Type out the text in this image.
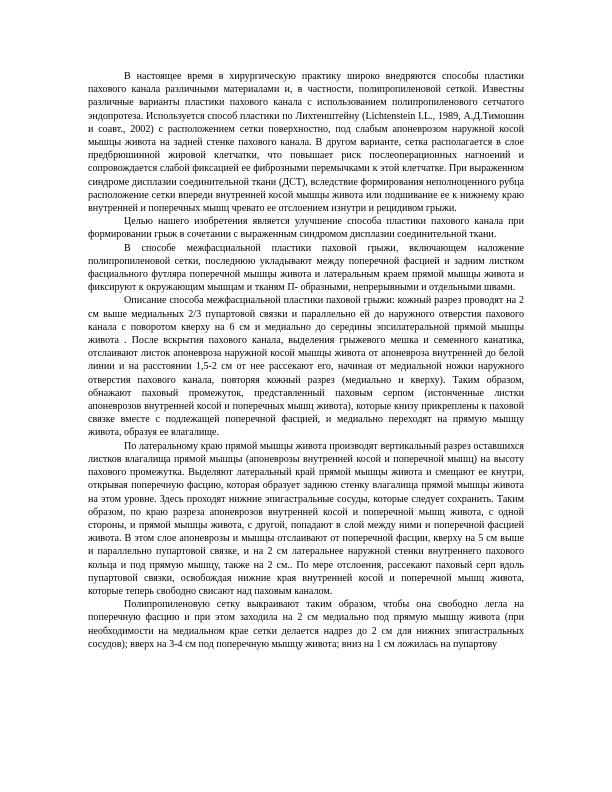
В настоящее время в хирургическую практику широко внедряются способы пластики пахового канала различными материалами и, в частности, полипропиленовой сеткой. Известны различные варианты пластики пахового канала с использованием полипропиленового сетчатого эндопротеза. Используется способ пластики по Лихтенштейну (Lichtenstein I.L., 1989, А.Д.Тимошин и соавт., 2002) с расположением сетки поверхностно, под слабым апоневрозом наружной косой мышцы живота на задней стенке пахового канала. В другом варианте, сетка располагается в слое предбрюшинной жировой клетчатки, что повышает риск послеоперационных нагноений и сопровождается слабой фиксацией ее фиброзными перемычками к этой клетчатке. При выраженном синдроме дисплазии соединительной ткани (ДСТ), вследствие формирования неполноценного рубца расположение сетки впереди внутренней косой мышцы живота или подшивание ее к нижнему краю внутренней и поперечных мышц чревато ее отслоением изнутри и рецидивом грыжи.

Целью нашего изобретения является улучшение способа пластики пахового канала при формировании грыж в сочетании с выраженным синдромом дисплазии соединительной ткани.

В способе межфасциальной пластики паховой грыжи, включающем наложение полипропиленовой сетки, последнюю укладывают между поперечной фасцией и задним листком фасциального футляра поперечной мышцы живота и латеральным краем прямой мышцы живота и фиксируют к окружающим мышцам и тканям П- образными, непрерывными и отдельными швами.

Описание способа межфасциальной пластики паховой грыжи: кожный разрез проводят на 2 см выше медиальных 2/3 пупартовой связки и параллельно ей до наружного отверстия пахового канала с поворотом кверху на 6 см и медиально до середины эпсилатеральной прямой мышцы живота . После вскрытия пахового канала, выделения грыжевого мешка и семенного канатика, отслаивают листок апоневроза наружной косой мышцы живота от апоневроза внутренней до белой линии и на расстоянии 1,5-2 см от нее рассекают его, начиная от медиальной ножки наружного отверстия пахового канала, повторяя кожный разрез (медиально и кверху). Таким образом, обнажают паховый промежуток, представленный паховым серпом (истонченные листки апоневрозов внутренней косой и поперечных мышц живота), которые книзу прикреплены к паховой связке вместе с подлежащей поперечной фасцией, и медиально переходят на прямую мышцу живота, образуя ее влагалище.

По латеральному краю прямой мышцы живота производят вертикальный разрез оставшихся листков влагалища прямой мышцы (апоневрозы внутренней косой и поперечной мышц) на высоту пахового промежутка. Выделяют латеральный край прямой мышцы живота и смещают ее кнутри, открывая поперечную фасцию, которая образует заднюю стенку влагалища прямой мышцы живота на этом уровне. Здесь проходят нижние эпигастральные сосуды, которые следует сохранить. Таким образом, по краю разреза апоневрозов внутренней косой и поперечной мышц живота, с одной стороны, и прямой мышцы живота, с другой, попадают в слой между ними и поперечной фасцией живота. В этом слое апоневрозы и мышцы отслаивают от поперечной фасции, кверху на 5 см выше и параллельно пупартовой связке, и на 2 см латеральнее наружной стенки внутреннего пахового кольца и под прямую мышцу, также на 2 см.. По мере отслоения, рассекают паховый серп вдоль пупартовой связки, освобождая нижние края внутренней косой и поперечной мышц живота, которые теперь свободно свисают над паховым каналом.

Полипропиленовую сетку выкраивают таким образом, чтобы она свободно легла на поперечную фасцию и при этом заходила на 2 см медиально под прямую мышцу живота (при необходимости на медиальном крае сетки делается надрез до 2 см для нижних эпигастральных сосудов); вверх на 3-4 см под поперечную мышцу живота; вниз на 1 см ложилась на пупартову
